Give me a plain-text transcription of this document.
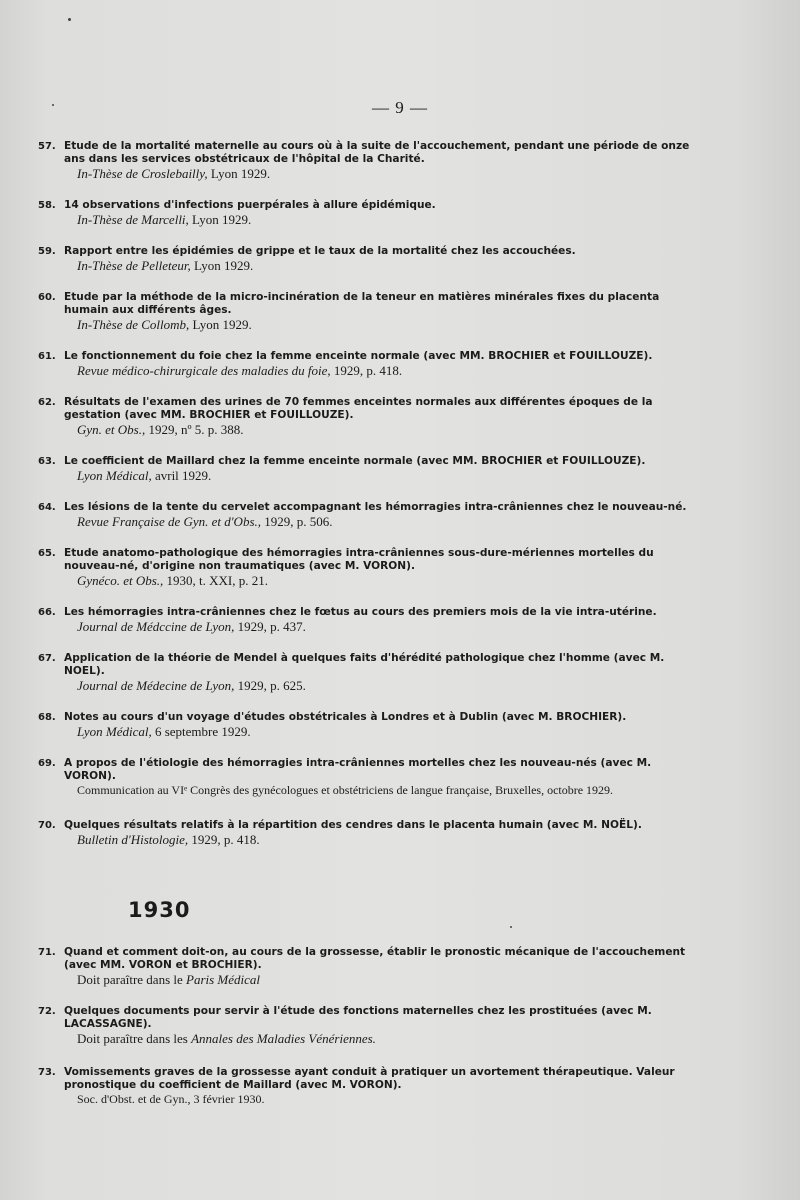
— 9 —
57. Etude de la mortalité maternelle au cours où à la suite de l'accouchement, pendant une période de onze ans dans les services obstétricaux de l'hôpital de la Charité.
In-Thèse de Croslebailly, Lyon 1929.
58. 14 observations d'infections puerpérales à allure épidémique.
In-Thèse de Marcelli, Lyon 1929.
59. Rapport entre les épidémies de grippe et le taux de la mortalité chez les accouchées.
In-Thèse de Pelleteur, Lyon 1929.
60. Etude par la méthode de la micro-incinération de la teneur en matières minérales fixes du placenta humain aux différents âges.
In-Thèse de Collomb, Lyon 1929.
61. Le fonctionnement du foie chez la femme enceinte normale (avec MM. BROCHIER et FOUILLOUZE).
Revue médico-chirurgicale des maladies du foie, 1929, p. 418.
62. Résultats de l'examen des urines de 70 femmes enceintes normales aux différentes époques de la gestation (avec MM. BROCHIER et FOUILLOUZE).
Gyn. et Obs., 1929, nº 5. p. 388.
63. Le coefficient de Maillard chez la femme enceinte normale (avec MM. BROCHIER et FOUILLOUZE).
Lyon Médical, avril 1929.
64. Les lésions de la tente du cervelet accompagnant les hémorragies intra-crâniennes chez le nouveau-né.
Revue Française de Gyn. et d'Obs., 1929, p. 506.
65. Etude anatomo-pathologique des hémorragies intra-crâniennes sous-dure-mériennes mortelles du nouveau-né, d'origine non traumatiques (avec M. VORON).
Gynéco. et Obs., 1930, t. XXI, p. 21.
66. Les hémorragies intra-crâniennes chez le fœtus au cours des premiers mois de la vie intra-utérine.
Journal de Médccine de Lyon, 1929, p. 437.
67. Application de la théorie de Mendel à quelques faits d'hérédité pathologique chez l'homme (avec M. NOEL).
Journal de Médecine de Lyon, 1929, p. 625.
68. Notes au cours d'un voyage d'études obstétricales à Londres et à Dublin (avec M. BROCHIER).
Lyon Médical, 6 septembre 1929.
69. A propos de l'étiologie des hémorragies intra-crâniennes mortelles chez les nouveau-nés (avec M. VORON).
Communication au VIᵉ Congrès des gynécologues et obstétriciens de langue française, Bruxelles, octobre 1929.
70. Quelques résultats relatifs à la répartition des cendres dans le placenta humain (avec M. NOËL).
Bulletin d'Histologie, 1929, p. 418.
1930
71. Quand et comment doit-on, au cours de la grossesse, établir le pronostic mécanique de l'accouchement (avec MM. VORON et BROCHIER).
Doit paraître dans le Paris Médical
72. Quelques documents pour servir à l'étude des fonctions maternelles chez les prostituées (avec M. LACASSAGNE).
Doit paraître dans les Annales des Maladies Vénériennes.
73. Vomissements graves de la grossesse ayant conduit à pratiquer un avortement thérapeutique. Valeur pronostique du coefficient de Maillard (avec M. VORON).
Soc. d'Obst. et de Gyn., 3 février 1930.
